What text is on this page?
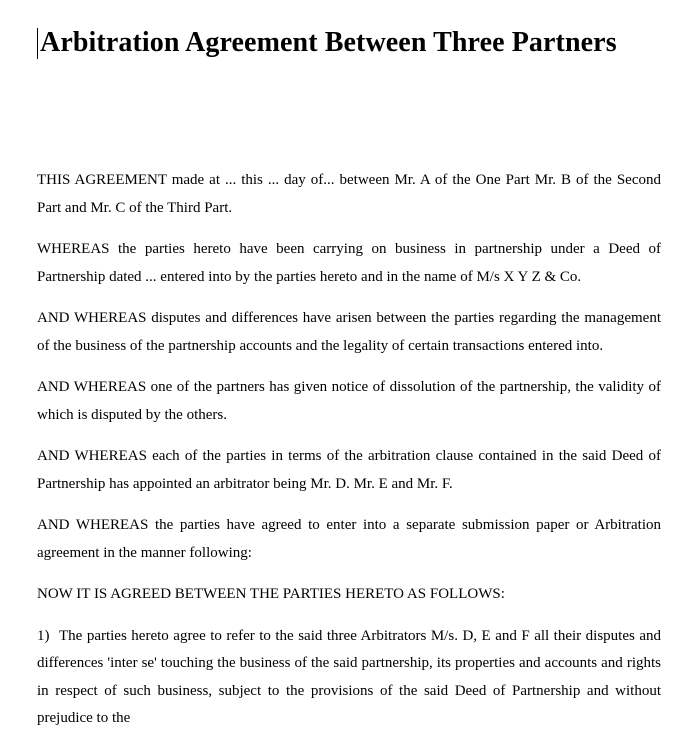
Arbitration Agreement Between Three Partners

THIS AGREEMENT made at ... this ... day of... between Mr. A of the One Part Mr. B of the Second Part and Mr. C of the Third Part.

WHEREAS the parties hereto have been carrying on business in partnership under a Deed of Partnership dated ... entered into by the parties hereto and in the name of M/s X Y Z & Co.

AND WHEREAS disputes and differences have arisen between the parties regarding the management of the business of the partnership accounts and the legality of certain transactions entered into.

AND WHEREAS one of the partners has given notice of dissolution of the partnership, the validity of which is disputed by the others.

AND WHEREAS each of the parties in terms of the arbitration clause contained in the said Deed of Partnership has appointed an arbitrator being Mr. D. Mr. E and Mr. F.

AND WHEREAS the parties have agreed to enter into a separate submission paper or Arbitration agreement in the manner following:

NOW IT IS AGREED BETWEEN THE PARTIES HERETO AS FOLLOWS:

1) The parties hereto agree to refer to the said three Arbitrators M/s. D, E and F all their disputes and differences 'inter se' touching the business of the said partnership, its properties and accounts and rights in respect of such business, subject to the provisions of the said Deed of Partnership and without prejudice to the
